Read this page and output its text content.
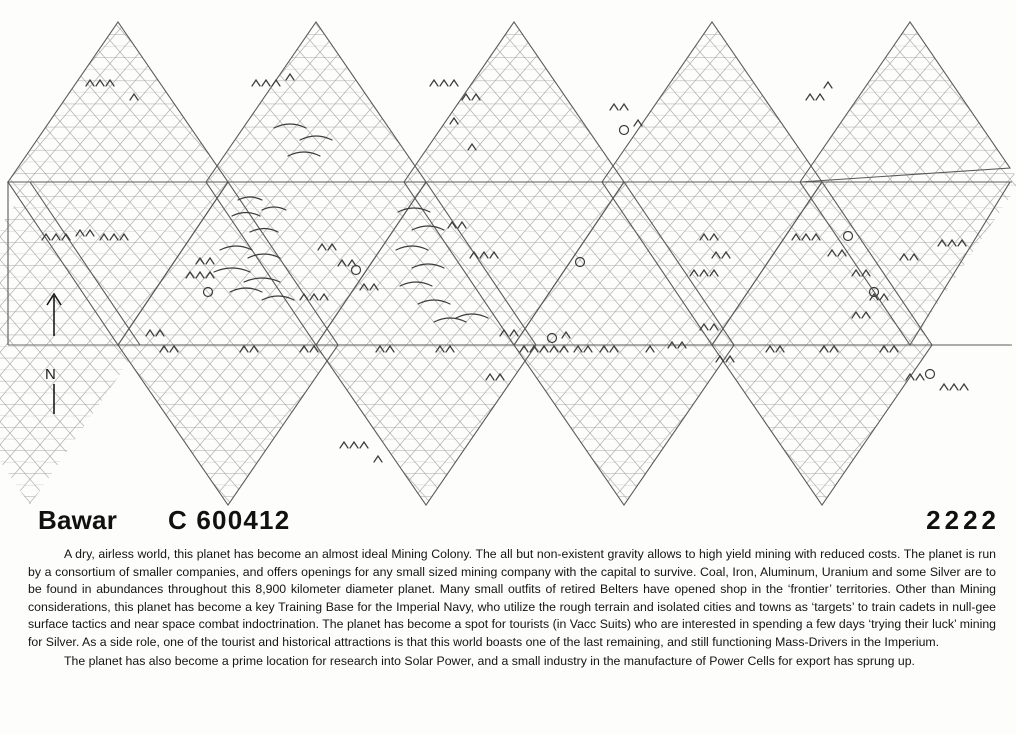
N
Bawar C 600412	2222

A dry, airless world, this planet has become an almost ideal Mining Colony. The all but non-existent gravity allows to high yield mining with reduced costs. The planet is run by a consortium of smaller companies, and offers openings for any small sized mining company with the capital to survive. Coal, Iron, Aluminum, Uranium and some Silver are to be found in abundances throughout this 8,900 kilometer diameter planet. Many small outfits of retired Belters have opened shop in the ‘frontier’ territories. Other than Mining considerations, this planet has become a key Training Base for the Imperial Navy, who utilize the rough terrain and isolated cities and towns as ‘targets’ to train cadets in null-gee surface tactics and near space combat indoctrination. The planet has become a spot for tourists (in Vacc Suits) who are interested in spending a few days ‘trying their luck’ mining for Silver. As a side role, one of the tourist and historical attractions is that this world boasts one of the last remaining, and still functioning Mass-Drivers in the Imperium.

The planet has also become a prime location for research into Solar Power, and a small industry in the manufacture of Power Cells for export has sprung up.
